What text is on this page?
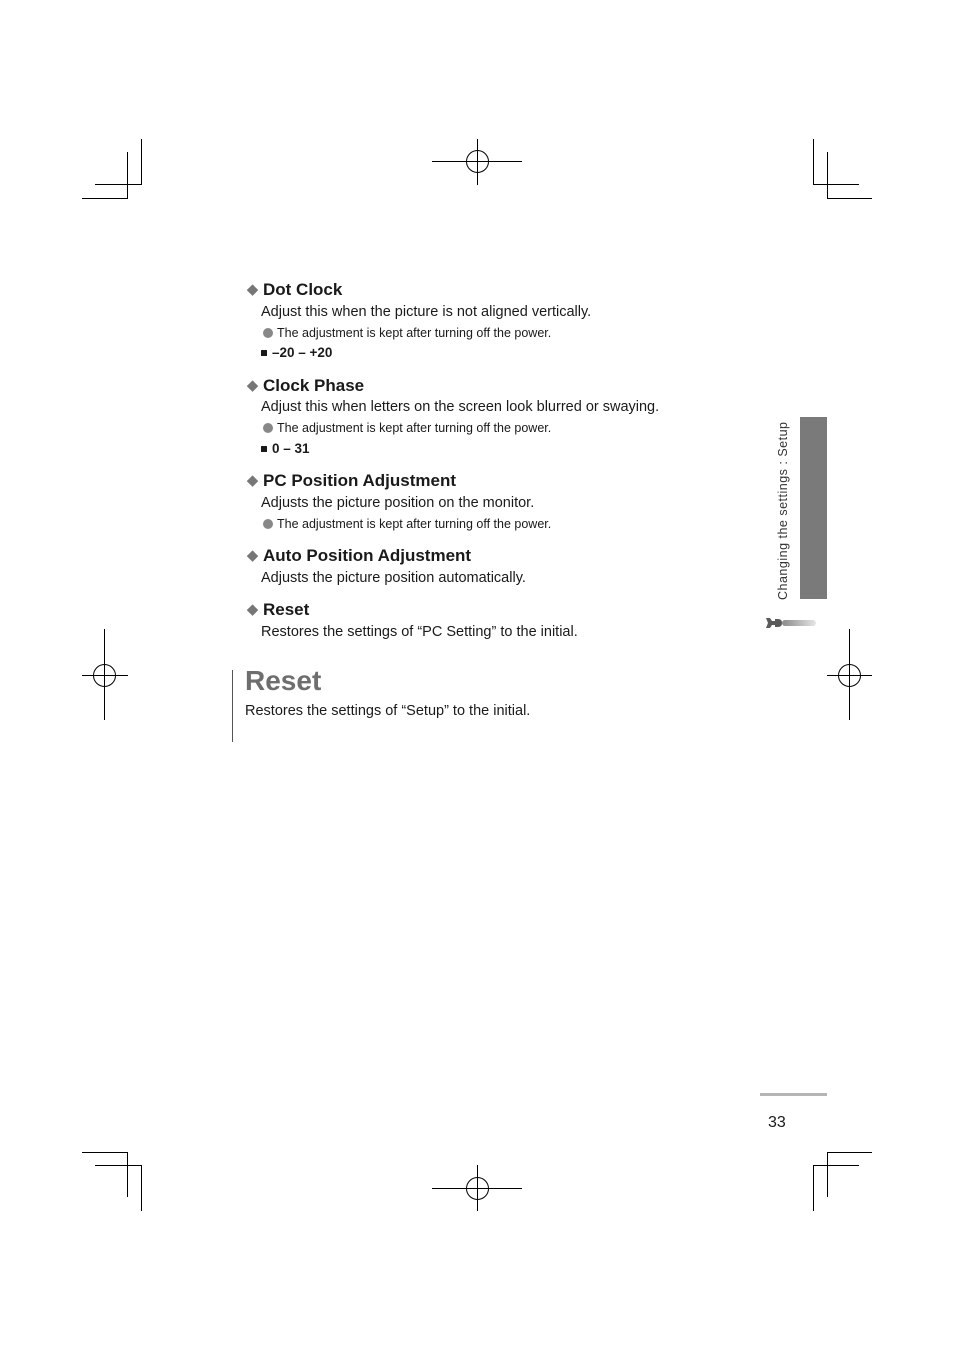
◆ Dot Clock
Adjust this when the picture is not aligned vertically.
The adjustment is kept after turning off the power.
–20 – +20
◆ Clock Phase
Adjust this when letters on the screen look blurred or swaying.
The adjustment is kept after turning off the power.
0 – 31
◆ PC Position Adjustment
Adjusts the picture position on the monitor.
The adjustment is kept after turning off the power.
◆ Auto Position Adjustment
Adjusts the picture position automatically.
◆ Reset
Restores the settings of “PC Setting” to the initial.
Reset
Restores the settings of “Setup” to the initial.
Changing the settings : Setup
33
